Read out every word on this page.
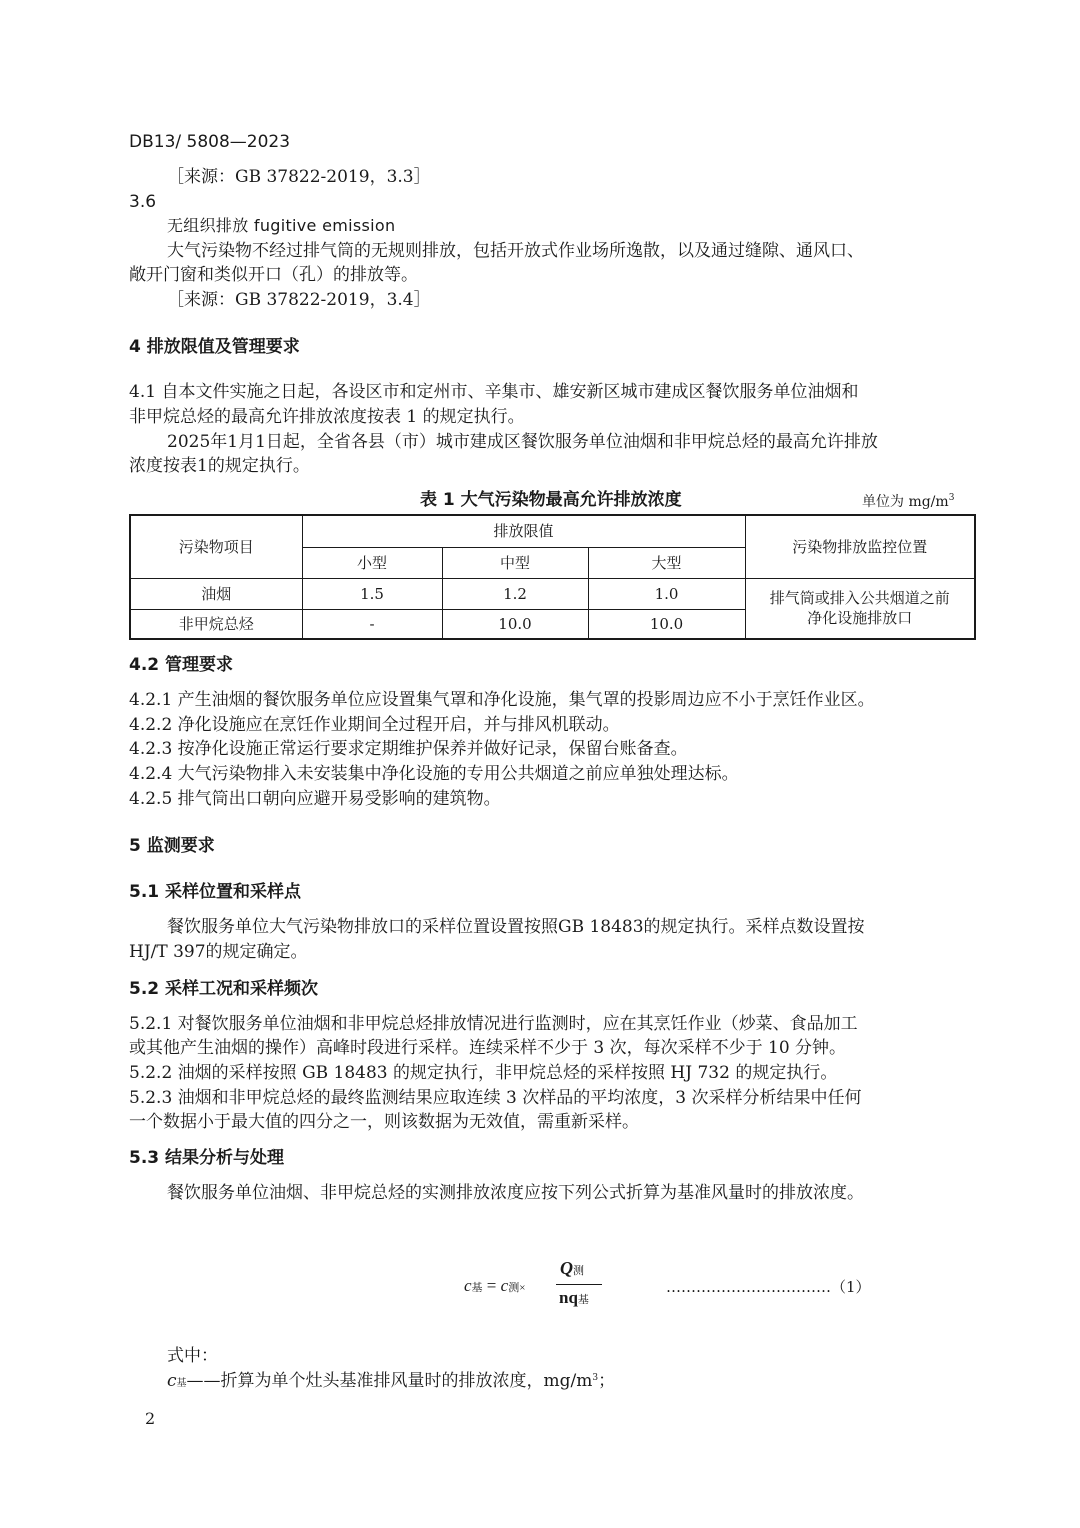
DB13/ 5808—2023
［来源：GB 37822-2019，3.3］
3.6
无组织排放 fugitive emission
大气污染物不经过排气筒的无规则排放，包括开放式作业场所逸散，以及通过缝隙、通风口、
敞开门窗和类似开口（孔）的排放等。
［来源：GB 37822-2019，3.4］
4 排放限值及管理要求
4.1 自本文件实施之日起，各设区市和定州市、辛集市、雄安新区城市建成区餐饮服务单位油烟和
非甲烷总烃的最高允许排放浓度按表 1 的规定执行。
2025年1月1日起，全省各县（市）城市建成区餐饮服务单位油烟和非甲烷总烃的最高允许排放
浓度按表1的规定执行。
表 1 大气污染物最高允许排放浓度	单位为 $mg/m^3$
污染物项目	排放限值			污染物排放监控位置
	小型	中型	大型	
油烟	1.5	1.2	1.0	排气筒或排入公共烟道之前
净化设施排放口

非甲烷总烃	-	10.0	10.0	
4.2 管理要求
4.2.1 产生油烟的餐饮服务单位应设置集气罩和净化设施，集气罩的投影周边应不小于烹饪作业区。
4.2.2 净化设施应在烹饪作业期间全过程开启，并与排风机联动。
4.2.3 按净化设施正常运行要求定期维护保养并做好记录，保留台账备查。
4.2.4 大气污染物排入未安装集中净化设施的专用公共烟道之前应单独处理达标。
4.2.5 排气筒出口朝向应避开易受影响的建筑物。
5 监测要求
5.1 采样位置和采样点
餐饮服务单位大气污染物排放口的采样位置设置按照GB 18483的规定执行。采样点数设置按
HJ/T 397的规定确定。
5.2 采样工况和采样频次
5.2.1 对餐饮服务单位油烟和非甲烷总烃排放情况进行监测时，应在其烹饪作业（炒菜、食品加工
或其他产生油烟的操作）高峰时段进行采样。连续采样不少于 3 次，每次采样不少于 10 分钟。
5.2.2 油烟的采样按照 GB 18483 的规定执行，非甲烷总烃的采样按照 HJ 732 的规定执行。
5.2.3 油烟和非甲烷总烃的最终监测结果应取连续 3 次样品的平均浓度，3 次采样分析结果中任何
一个数据小于最大值的四分之一，则该数据为无效值，需重新采样。
5.3 结果分析与处理
餐饮服务单位油烟、非甲烷总烃的实测排放浓度应按下列公式折算为基准风量时的排放浓度。
c基 = c测×
Q测
nq基
……………………………（1）
式中：
c基——折算为单个灶头基准排风量时的排放浓度，$mg/m^3$；
2
